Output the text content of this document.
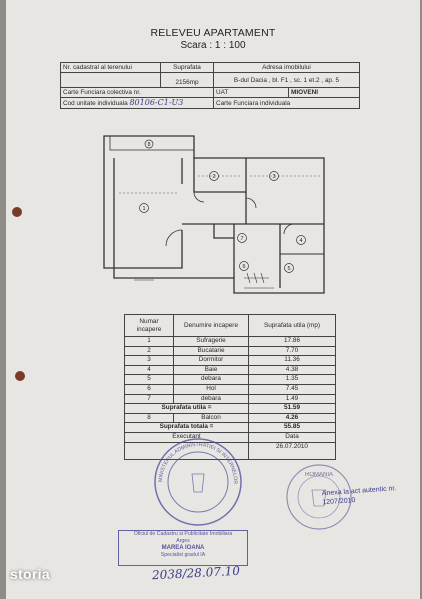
RELEVEU APARTAMENT
Scara : 1 : 100
Nr. cadastral al terenului	Suprafata	Adresa imobilului	
	2156mp	B-dul Dacia , bl. F1 , sc. 1 et.2 , ap. 5	
Carte Funciara colectiva nr.		UAT	MIOVENI
Cod unitate individuala 80106-C1-U3		Carte Funciara individuala	
1
2	3
4
5
6
7
8
Numar incapere	Denumire incapere	Suprafata utila (mp)
1	Sufragerie	17.86
2	Bucatarie	7.70
3	Dormitor	11.36
4	Baie	4.38
5	debara	1.35
6	Hol	7.45
7	debara	1.49
Suprafata utila =		51.59
8	Balcon	4.26
Suprafata totala =		55.85
Executant		Data
		26.07.2010
MINISTERUL ADMINISTRATIEI SI INTERNELOR
ROMANIA
Anexa la act autentic nr. 1207/2010
Oficiul de Cadastru si Publicitate Imobiliara
Arges
MAREA IOANA
Specialist gradul IA
2038/28.07.10
storia
